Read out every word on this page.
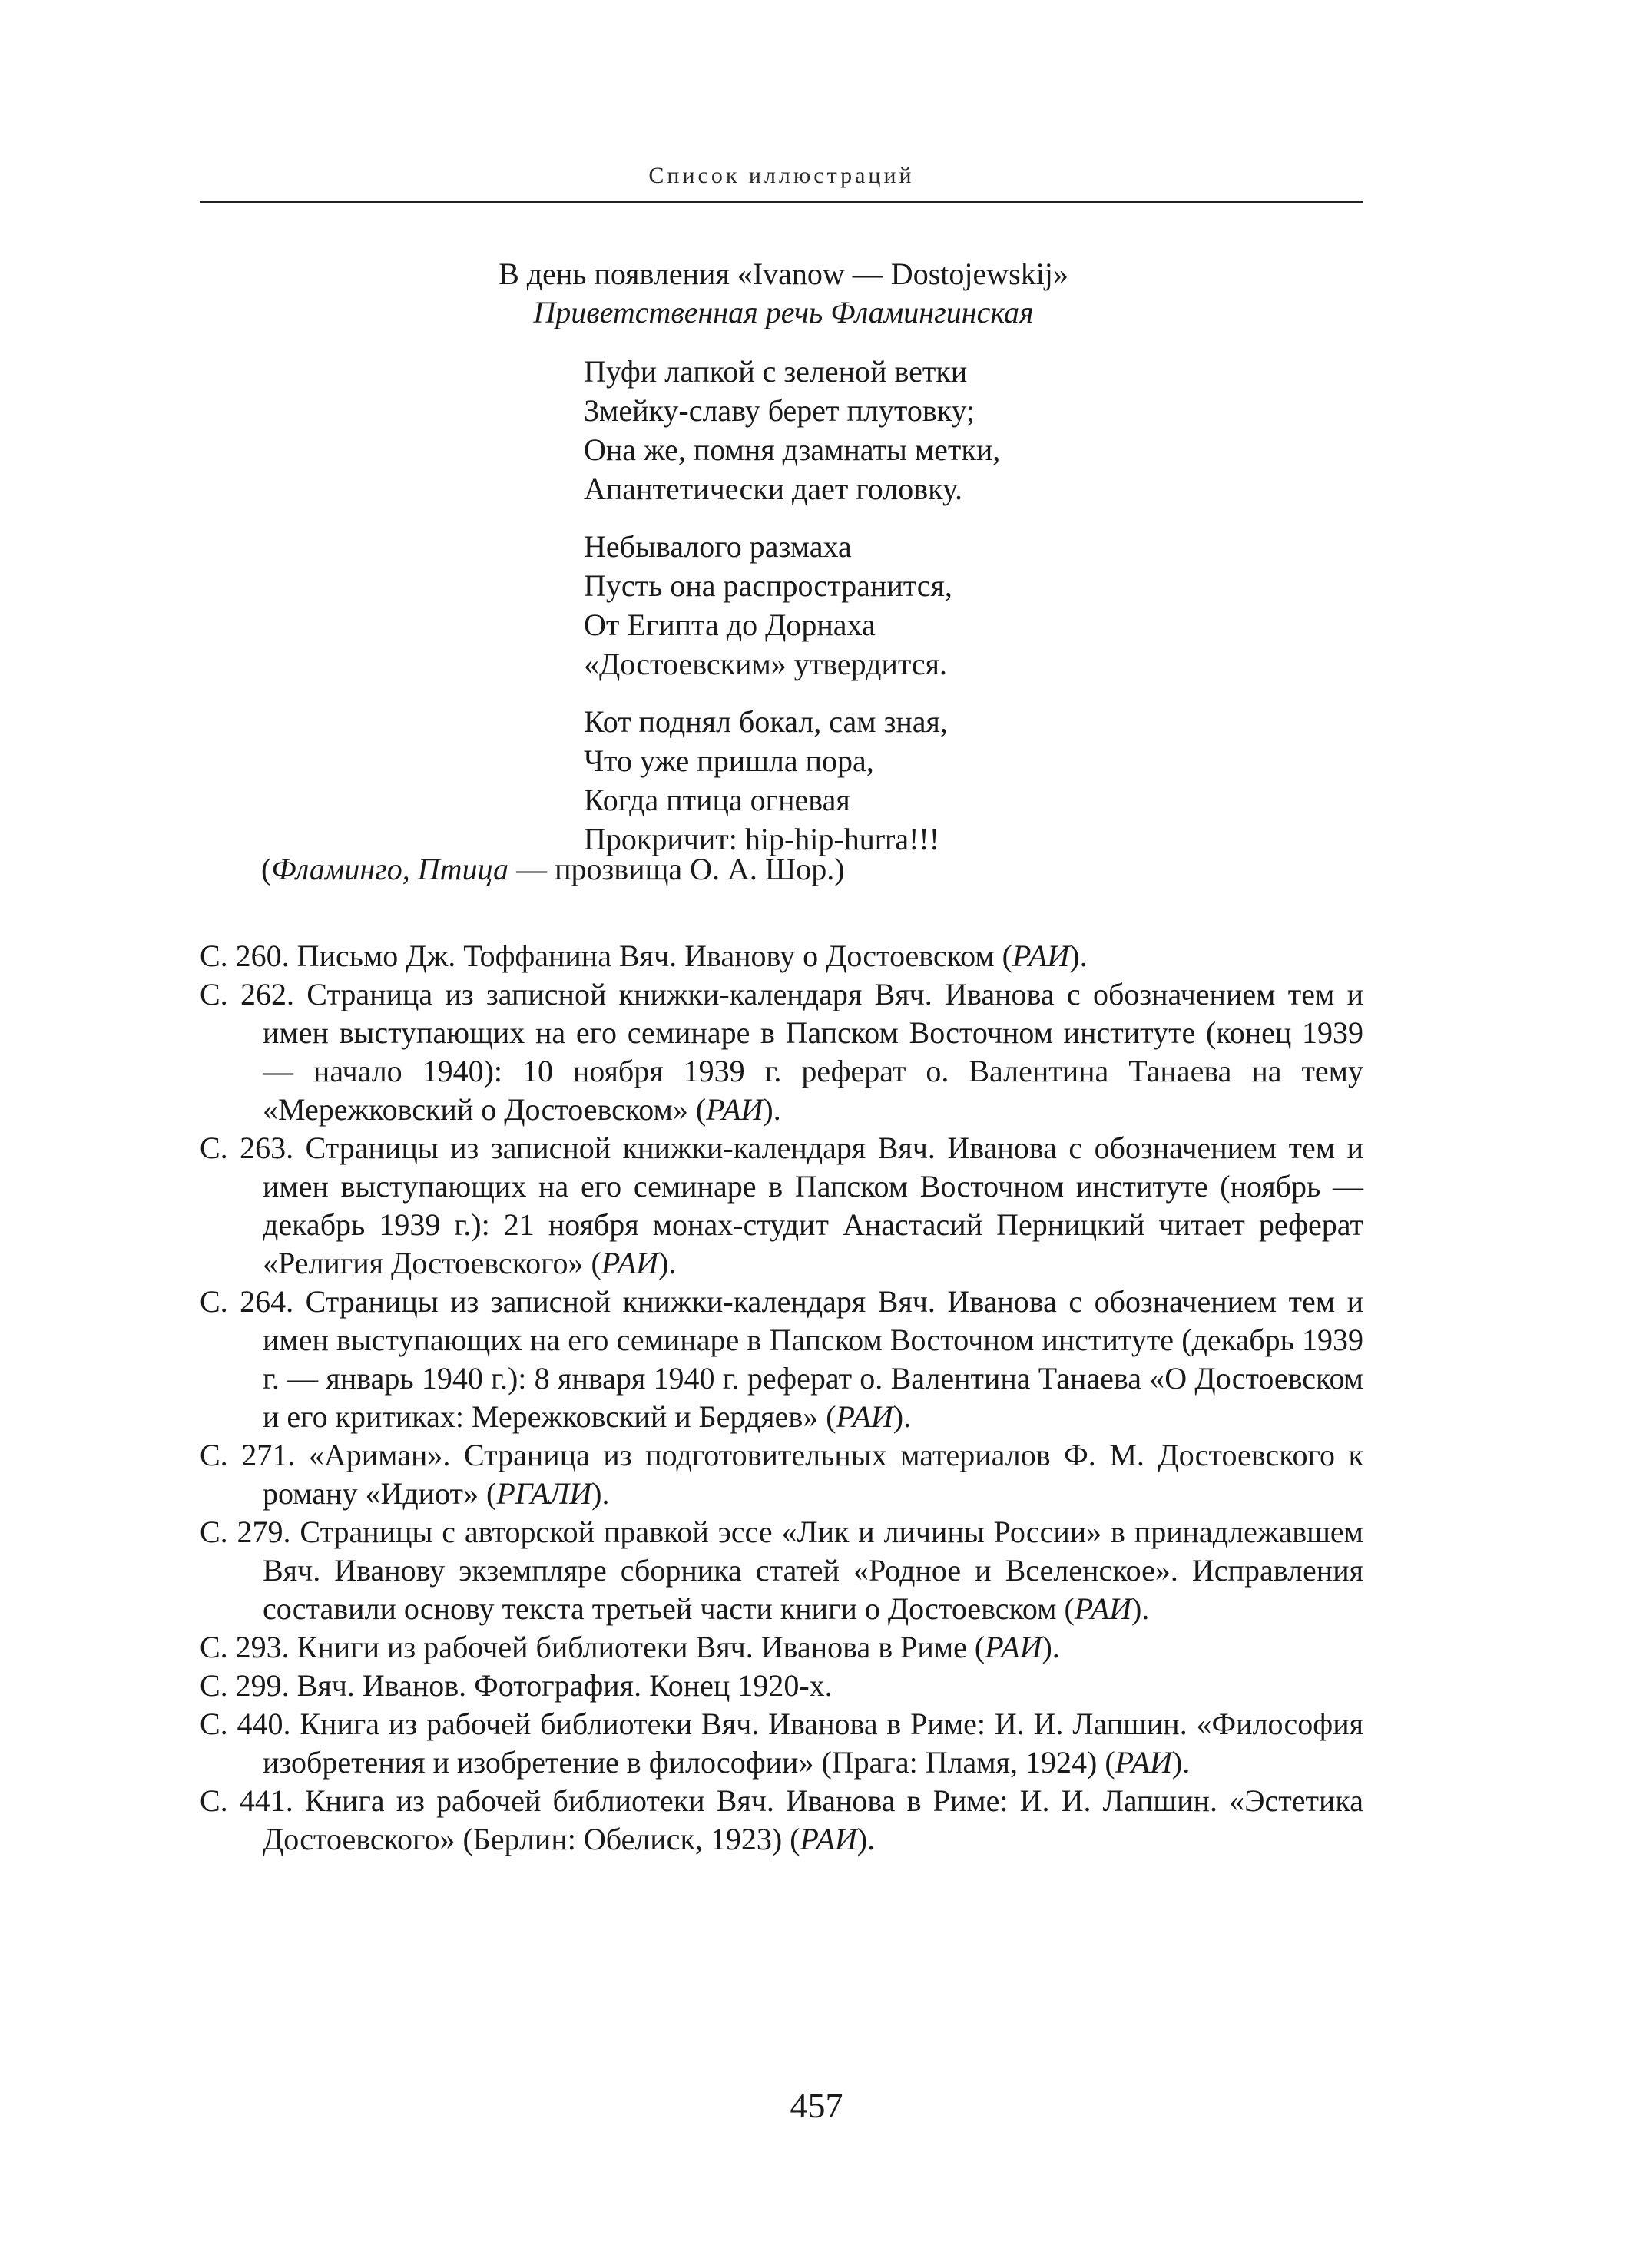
Список иллюстраций
В день появления «Ivanow — Dostojewskij»
Приветственная речь Фламингинская
Пуфи лапкой с зеленой ветки
Змейку-славу берет плутовку;
Она же, помня дзамнаты метки,
Апантетически дает головку.
Небывалого размаха
Пусть она распространится,
От Египта до Дорнаха
«Достоевским» утвердится.
Кот поднял бокал, сам зная,
Что уже пришла пора,
Когда птица огневая
Прокричит: hip-hip-hurra!!!
(Фламинго, Птица — прозвища О. А. Шор.)

С. 260. Письмо Дж. Тоффанина Вяч. Иванову о Достоевском (РАИ).

С. 262. Страница из записной книжки-календаря Вяч. Иванова с обозначением тем и имен выступающих на его семинаре в Папском Восточном институте (конец 1939 — начало 1940): 10 ноября 1939 г. реферат о. Валентина Танаева на тему «Мережковский о Достоевском» (РАИ).

С. 263. Страницы из записной книжки-календаря Вяч. Иванова с обозначением тем и имен выступающих на его семинаре в Папском Восточном институте (ноябрь — декабрь 1939 г.): 21 ноября монах-студит Анастасий Перницкий читает реферат «Религия Достоевского» (РАИ).

С. 264. Страницы из записной книжки-календаря Вяч. Иванова с обозначением тем и имен выступающих на его семинаре в Папском Восточном институте (декабрь 1939 г. — январь 1940 г.): 8 января 1940 г. реферат о. Валентина Танаева «О Достоевском и его критиках: Мережковский и Бердяев» (РАИ).

С. 271. «Ариман». Страница из подготовительных материалов Ф. М. Достоевского к роману «Идиот» (РГАЛИ).

С. 279. Страницы с авторской правкой эссе «Лик и личины России» в принадлежавшем Вяч. Иванову экземпляре сборника статей «Родное и Вселенское». Исправления составили основу текста третьей части книги о Достоевском (РАИ).

С. 293. Книги из рабочей библиотеки Вяч. Иванова в Риме (РАИ).

С. 299. Вяч. Иванов. Фотография. Конец 1920-х.

С. 440. Книга из рабочей библиотеки Вяч. Иванова в Риме: И. И. Лапшин. «Философия изобретения и изобретение в философии» (Прага: Пламя, 1924) (РАИ).

С. 441. Книга из рабочей библиотеки Вяч. Иванова в Риме: И. И. Лапшин. «Эстетика Достоевского» (Берлин: Обелиск, 1923) (РАИ).

457
